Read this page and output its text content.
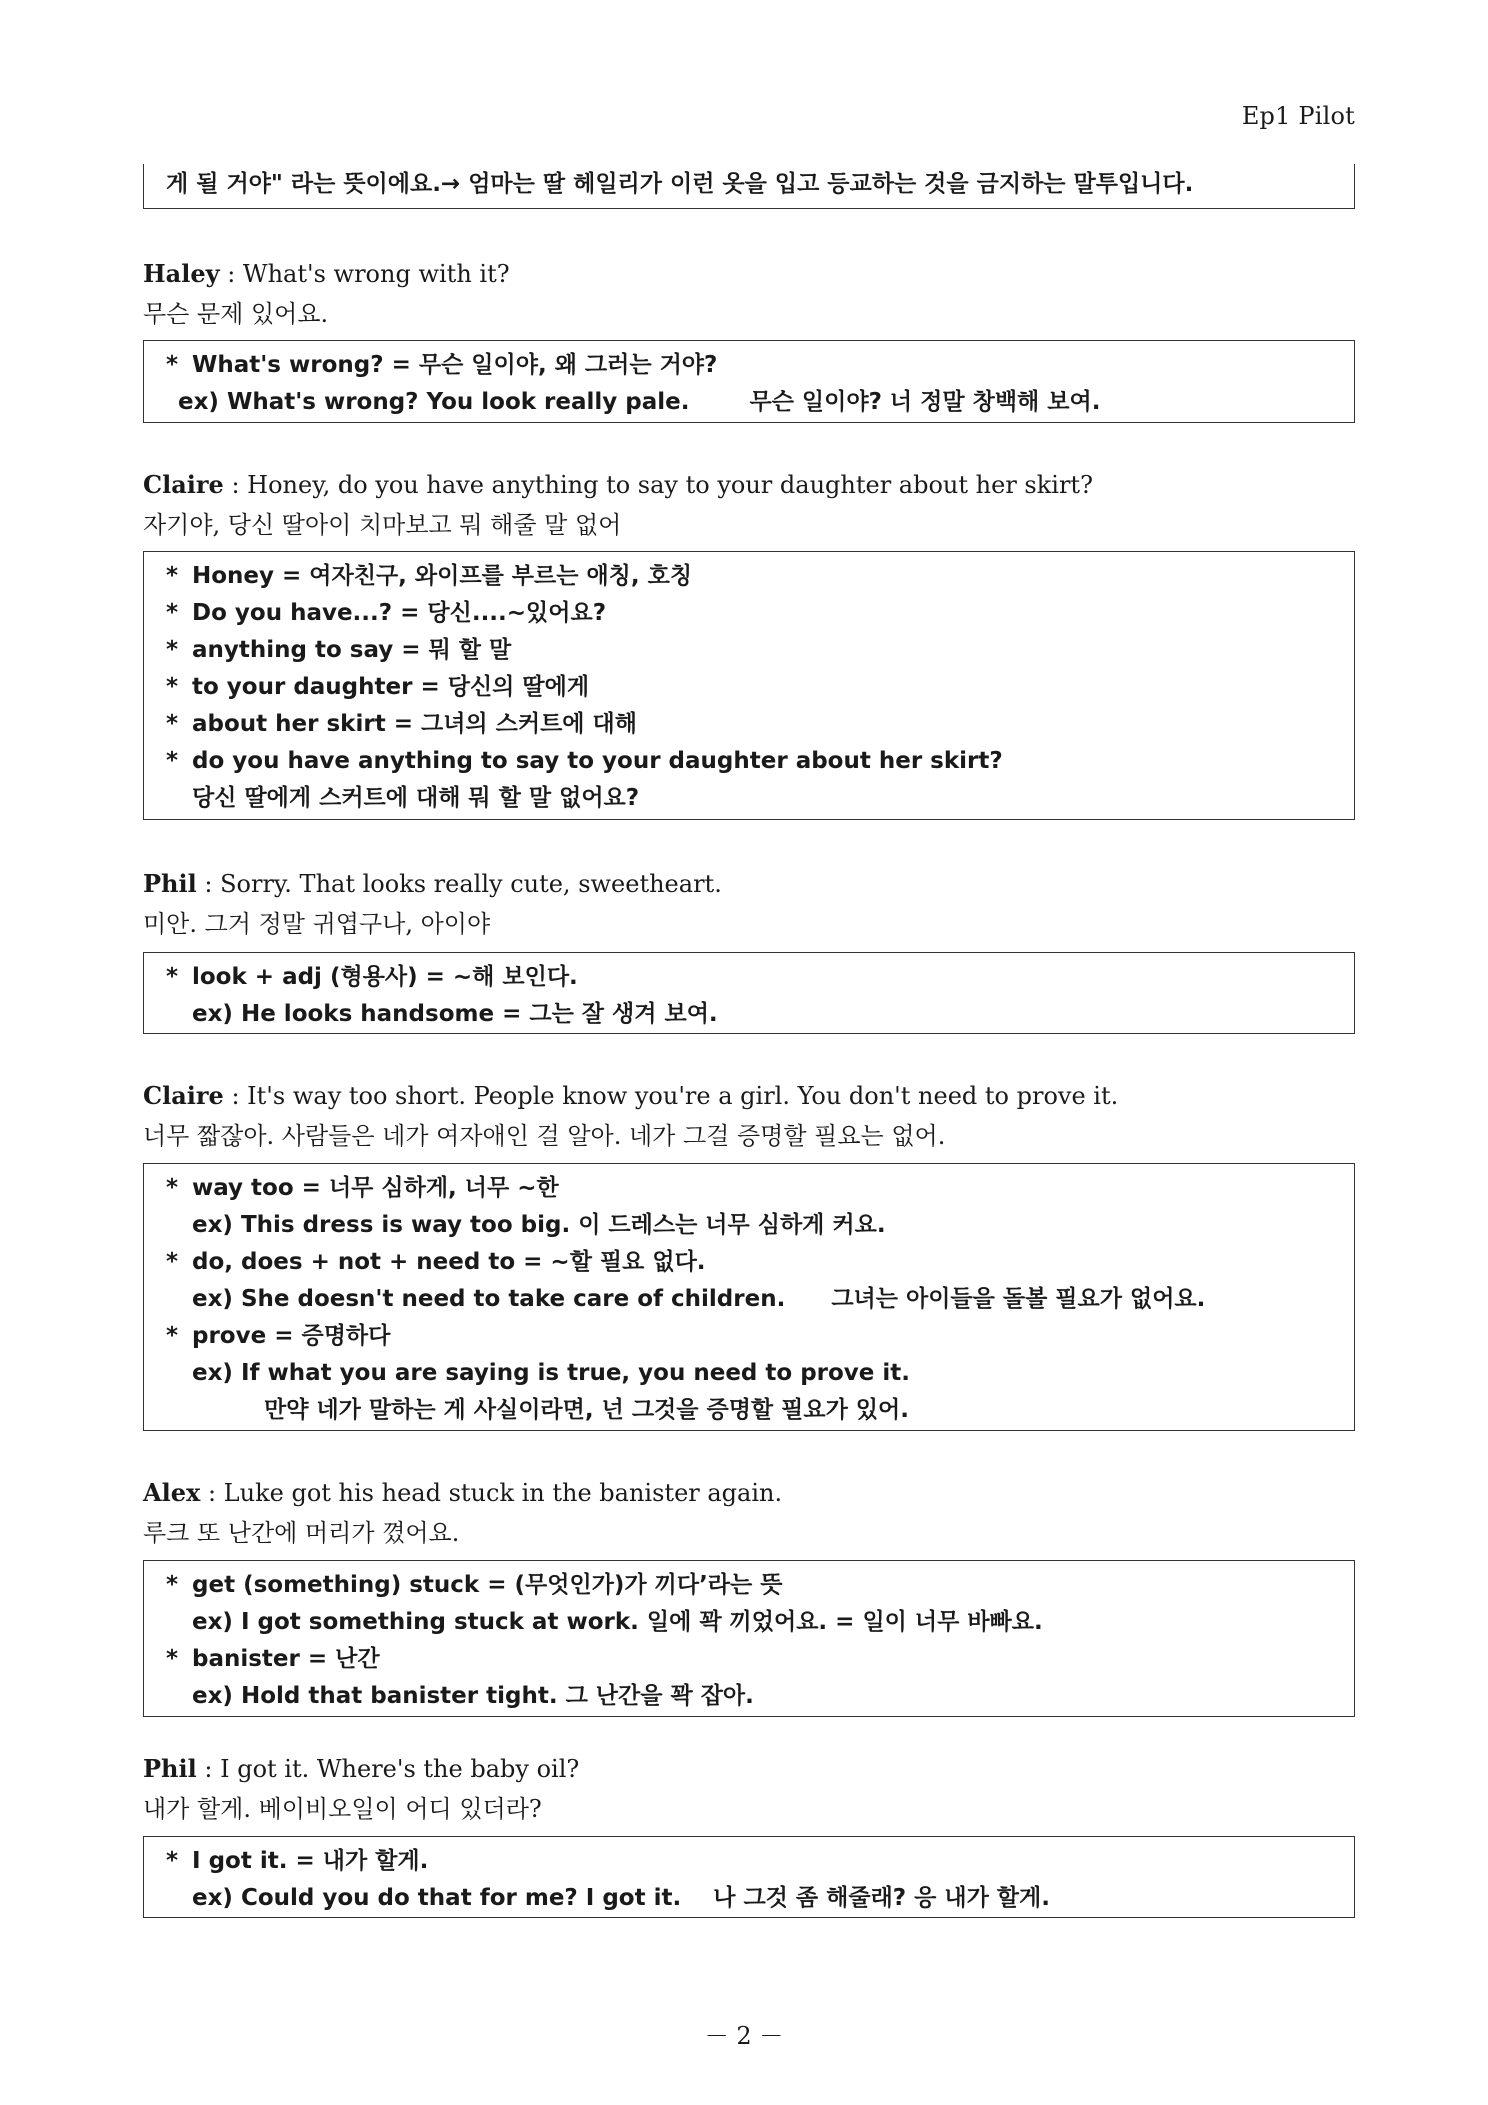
Ep1 Pilot
게 될 거야" 라는 뜻이에요.→ 엄마는 딸 헤일리가 이런 옷을 입고 등교하는 것을 금지하는 말투입니다.
Haley : What's wrong with it?
무슨 문제 있어요.
* What's wrong? = 무슨 일이야, 왜 그러는 거야?
ex) What's wrong? You look really pale.	무슨 일이야? 너 정말 창백해 보여.
Claire : Honey, do you have anything to say to your daughter about her skirt?
자기야, 당신 딸아이 치마보고 뭐 해줄 말 없어
* Honey = 여자친구, 와이프를 부르는 애칭, 호칭
* Do you have...? = 당신....~있어요?
* anything to say = 뭐 할 말
* to your daughter = 당신의 딸에게
* about her skirt = 그녀의 스커트에 대해
* do you have anything to say to your daughter about her skirt?
당신 딸에게 스커트에 대해 뭐 할 말 없어요?
Phil : Sorry. That looks really cute, sweetheart.
미안. 그거 정말 귀엽구나, 아이야
* look + adj (형용사) = ~해 보인다.
ex) He looks handsome = 그는 잘 생겨 보여.
Claire : It's way too short. People know you're a girl. You don't need to prove it.
너무 짧잖아. 사람들은 네가 여자애인 걸 알아. 네가 그걸 증명할 필요는 없어.
* way too = 너무 심하게, 너무 ~한
ex) This dress is way too big. 이 드레스는 너무 심하게 커요.
* do, does + not + need to = ~할 필요 없다.
ex) She doesn't need to take care of children. 그녀는 아이들을 돌볼 필요가 없어요.
* prove = 증명하다
ex) If what you are saying is true, you need to prove it.
만약 네가 말하는 게 사실이라면, 넌 그것을 증명할 필요가 있어.
Alex : Luke got his head stuck in the banister again.
루크 또 난간에 머리가 꼈어요.
* get (something) stuck = (무엇인가)가 끼다’라는 뜻
ex) I got something stuck at work. 일에 꽉 끼었어요. = 일이 너무 바빠요.
* banister = 난간
ex) Hold that banister tight. 그 난간을 꽉 잡아.
Phil : I got it. Where's the baby oil?
내가 할게. 베이비오일이 어디 있더라?
* I got it. = 내가 할게.
ex) Could you do that for me? I got it. 나 그것 좀 해줄래? 응 내가 할게.
－ 2 －
